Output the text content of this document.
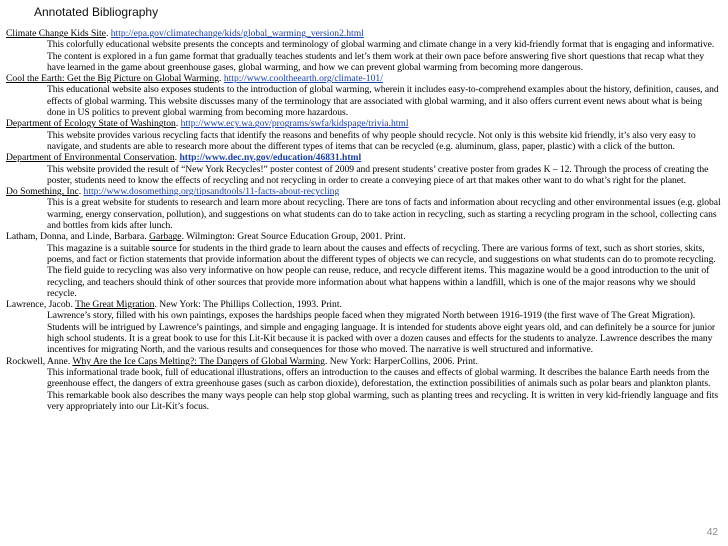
Annotated Bibliography
Climate Change Kids Site. http://epa.gov/climatechange/kids/global_warming_version2.html
This colorfully educational website presents the concepts and terminology of global warming and climate change in a very kid-friendly format that is engaging and informative. The content is explored in a fun game format that gradually teaches students and let’s them work at their own pace before answering five short questions that recap what they have learned in the game about greenhouse gases, global warming, and how we can prevent global warming from becoming more dangerous.
Cool the Earth: Get the Big Picture on Global Warming. http://www.cooltheearth.org/climate-101/
This educational website also exposes students to the introduction of global warming, wherein it includes easy-to-comprehend examples about the history, definition, causes, and effects of global warming. This website discusses many of the terminology that are associated with global warming, and it also offers current event news about what is being done in US politics to prevent global warming from becoming more hazardous.
Department of Ecology State of Washington. http://www.ecy.wa.gov/programs/swfa/kidspage/trivia.html
This website provides various recycling facts that identify the reasons and benefits of why people should recycle. Not only is this website kid friendly, it’s also very easy to navigate, and students are able to research more about the different types of items that can be recycled (e.g. aluminum, glass, paper, plastic) with a click of the button.
Department of Environmental Conservation. http://www.dec.ny.gov/education/46831.html
This website provided the result of “New York Recycles!” poster contest of 2009 and present students’ creative poster from grades K – 12. Through the process of creating the poster, students need to know the effects of recycling and not recycling in order to create a conveying piece of art that makes other want to do what’s right for the planet.
Do Something, Inc. http://www.dosomething.org/tipsandtools/11-facts-about-recycling
This is a great website for students to research and learn more about recycling. There are tons of facts and information about recycling and other environmental issues (e.g. global warming, energy conservation, pollution), and suggestions on what students can do to take action in recycling, such as starting a recycling program in the school, collecting cans and bottles from kids after lunch.
Latham, Donna, and Linde, Barbara. Garbage. Wilmington: Great Source Education Group, 2001. Print.
This magazine is a suitable source for students in the third grade to learn about the causes and effects of recycling. There are various forms of text, such as short stories, skits, poems, and fact or fiction statements that provide information about the different types of objects we can recycle, and suggestions on what students can do to promote recycling. The field guide to recycling was also very informative on how people can reuse, reduce, and recycle different items. This magazine would be a good introduction to the unit of recycling, and teachers should think of other sources that provide more information about what happens within a landfill, which is one of the major reasons why we should recycle.
Lawrence, Jacob. The Great Migration. New York: The Phillips Collection, 1993. Print.
Lawrence’s story, filled with his own paintings, exposes the hardships people faced when they migrated North between 1916-1919 (the first wave of The Great Migration). Students will be intrigued by Lawrence’s paintings, and simple and engaging language. It is intended for students above eight years old, and can definitely be a source for junior high school students. It is a great book to use for this Lit-Kit because it is packed with over a dozen causes and effects for the students to analyze. Lawrence describes the many incentives for migrating North, and the various results and consequences for those who moved. The narrative is well structured and informative.
Rockwell, Anne. Why Are the Ice Caps Melting?: The Dangers of Global Warming. New York: HarperCollins, 2006. Print.
This informational trade book, full of educational illustrations, offers an introduction to the causes and effects of global warming. It describes the balance Earth needs from the greenhouse effect, the dangers of extra greenhouse gases (such as carbon dioxide), deforestation, the extinction possibilities of animals such as polar bears and plankton plants. This remarkable book also describes the many ways people can help stop global warming, such as planting trees and recycling. It is written in very kid-friendly language and fits very appropriately into our Lit-Kit’s focus.
42
